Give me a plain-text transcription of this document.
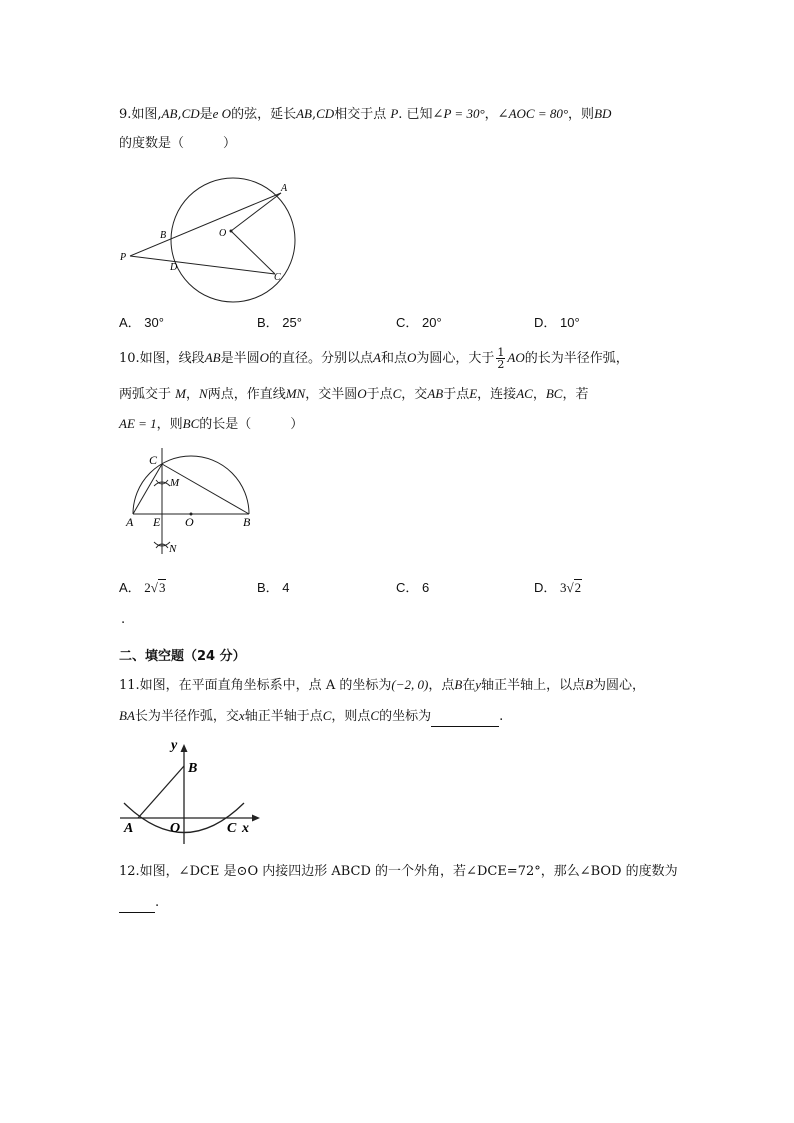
9.如图,AB,CD是e O的弦，延长AB,CD相交于点 P. 已知∠P = 30°，∠AOC = 80°，则BD
的度数是（　　　）
A
B	O
P
D
C
A． 30°	B． 25°	C． 20°	D． 10°
10.如图，线段AB是半圆O的直径。分别以点A和点O为圆心，大于 $\frac{1}{2}$ AO的长为半径作弧，
两弧交于 M，N两点，作直线MN，交半圆O于点C，交AB于点E，连接AC，BC，若
AE = 1，则BC的长是（　　　）
C
M
A E O	B
N
A． 2√3	B． 4	C． 6	D． 3√2
.
二、填空题（24 分）
11.如图，在平面直角坐标系中，点 A 的坐标为(−2, 0)，点B在y轴正半轴上，以点B为圆心，
BA长为半径作弧，交x轴正半轴于点C，则点C的坐标为	.
y
B
A	O	C x
12.如图，∠DCE 是⊙O 内接四边形 ABCD 的一个外角，若∠DCE=72°，那么∠BOD 的度数为
.
